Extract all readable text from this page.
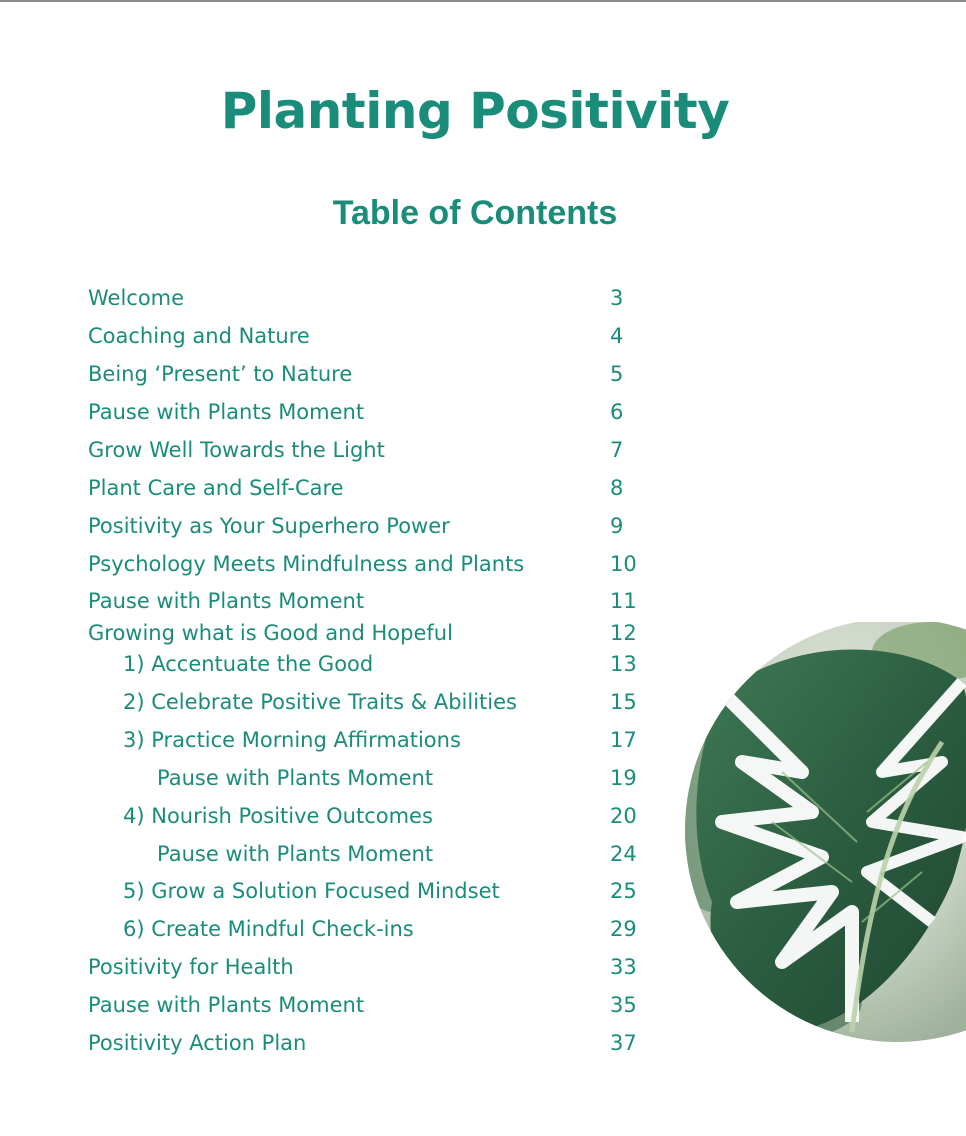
Planting Positivity
Table of Contents
Welcome	3
Coaching and Nature	4
Being ‘Present’ to Nature	5
Pause with Plants Moment	6
Grow Well Towards the Light	7
Plant Care and Self-Care	8
Positivity as Your Superhero Power	9
Psychology Meets Mindfulness and Plants	10
Pause with Plants Moment	11
Growing what is Good and Hopeful	12
1) Accentuate the Good	13
2) Celebrate Positive Traits & Abilities	15
3) Practice Morning Affirmations	17
Pause with Plants Moment	19
4) Nourish Positive Outcomes	20
Pause with Plants Moment	24
5) Grow a Solution Focused Mindset	25
6) Create Mindful Check-ins	29
Positivity for Health	33
Pause with Plants Moment	35
Positivity Action Plan	37
